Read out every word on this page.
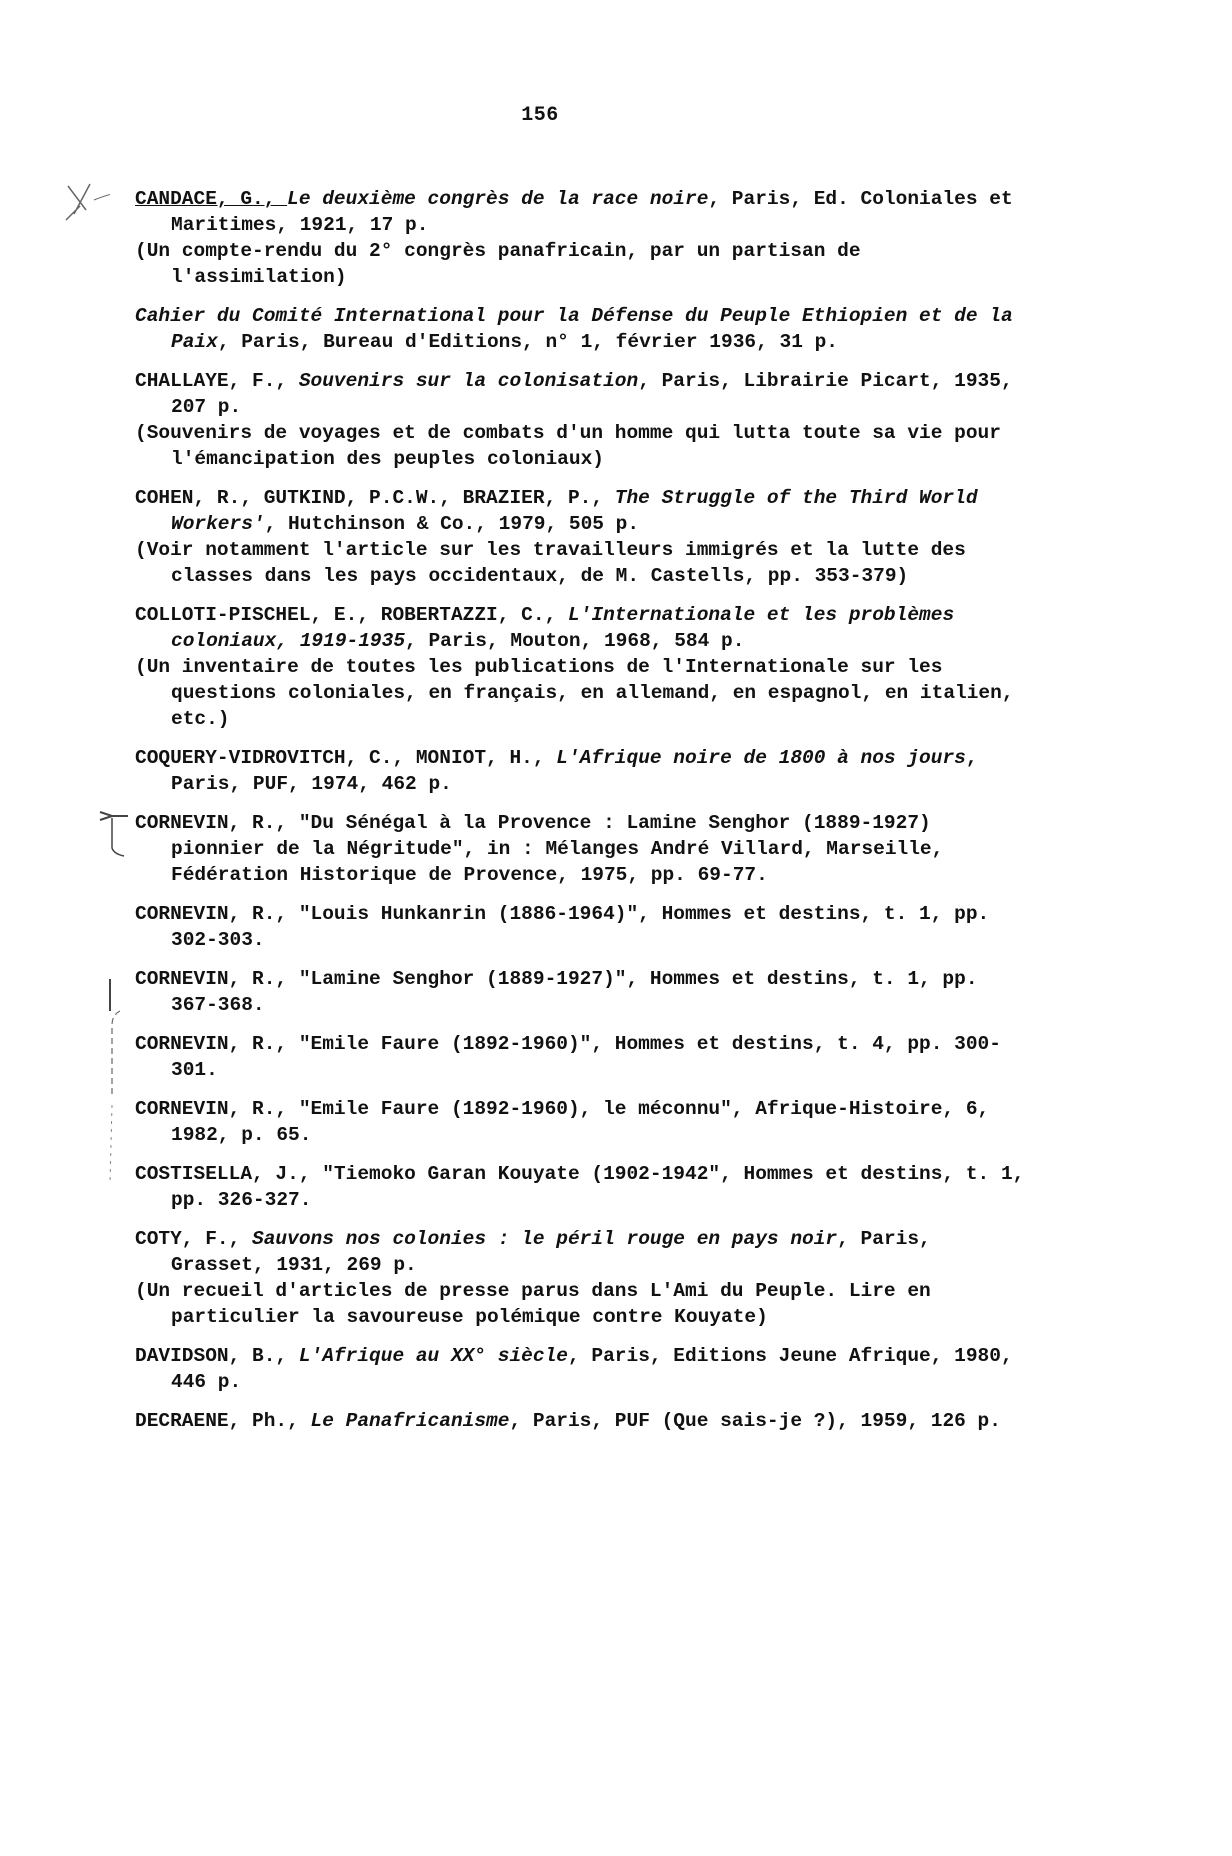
156
CANDACE, G., Le deuxième congrès de la race noire, Paris, Ed. Coloniales et Maritimes, 1921, 17 p.
(Un compte-rendu du 2° congrès panafricain, par un partisan de l'assimilation)
Cahier du Comité International pour la Défense du Peuple Ethiopien et de la Paix, Paris, Bureau d'Editions, n° 1, février 1936, 31 p.
CHALLAYE, F., Souvenirs sur la colonisation, Paris, Librairie Picart, 1935, 207 p.
(Souvenirs de voyages et de combats d'un homme qui lutta toute sa vie pour l'émancipation des peuples coloniaux)
COHEN, R., GUTKIND, P.C.W., BRAZIER, P., The Struggle of the Third World Workers', Hutchinson & Co., 1979, 505 p.
(Voir notamment l'article sur les travailleurs immigrés et la lutte des classes dans les pays occidentaux, de M. Castells, pp. 353-379)
COLLOTI-PISCHEL, E., ROBERTAZZI, C., L'Internationale et les problèmes coloniaux, 1919-1935, Paris, Mouton, 1968, 584 p.
(Un inventaire de toutes les publications de l'Internationale sur les questions coloniales, en français, en allemand, en espagnol, en italien, etc.)
COQUERY-VIDROVITCH, C., MONIOT, H., L'Afrique noire de 1800 à nos jours, Paris, PUF, 1974, 462 p.
CORNEVIN, R., "Du Sénégal à la Provence : Lamine Senghor (1889-1927) pionnier de la Négritude", in : Mélanges André Villard, Marseille, Fédération Historique de Provence, 1975, pp. 69-77.
CORNEVIN, R., "Louis Hunkanrin (1886-1964)", Hommes et destins, t. 1, pp. 302-303.
CORNEVIN, R., "Lamine Senghor (1889-1927)", Hommes et destins, t. 1, pp. 367-368.
CORNEVIN, R., "Emile Faure (1892-1960)", Hommes et destins, t. 4, pp. 300-301.
CORNEVIN, R., "Emile Faure (1892-1960), le méconnu", Afrique-Histoire, 6, 1982, p. 65.
COSTISELLA, J., "Tiemoko Garan Kouyate (1902-1942", Hommes et destins, t. 1, pp. 326-327.
COTY, F., Sauvons nos colonies : le péril rouge en pays noir, Paris, Grasset, 1931, 269 p.
(Un recueil d'articles de presse parus dans L'Ami du Peuple. Lire en particulier la savoureuse polémique contre Kouyate)
DAVIDSON, B., L'Afrique au XX° siècle, Paris, Editions Jeune Afrique, 1980, 446 p.
DECRAENE, Ph., Le Panafricanisme, Paris, PUF (Que sais-je ?), 1959, 126 p.
